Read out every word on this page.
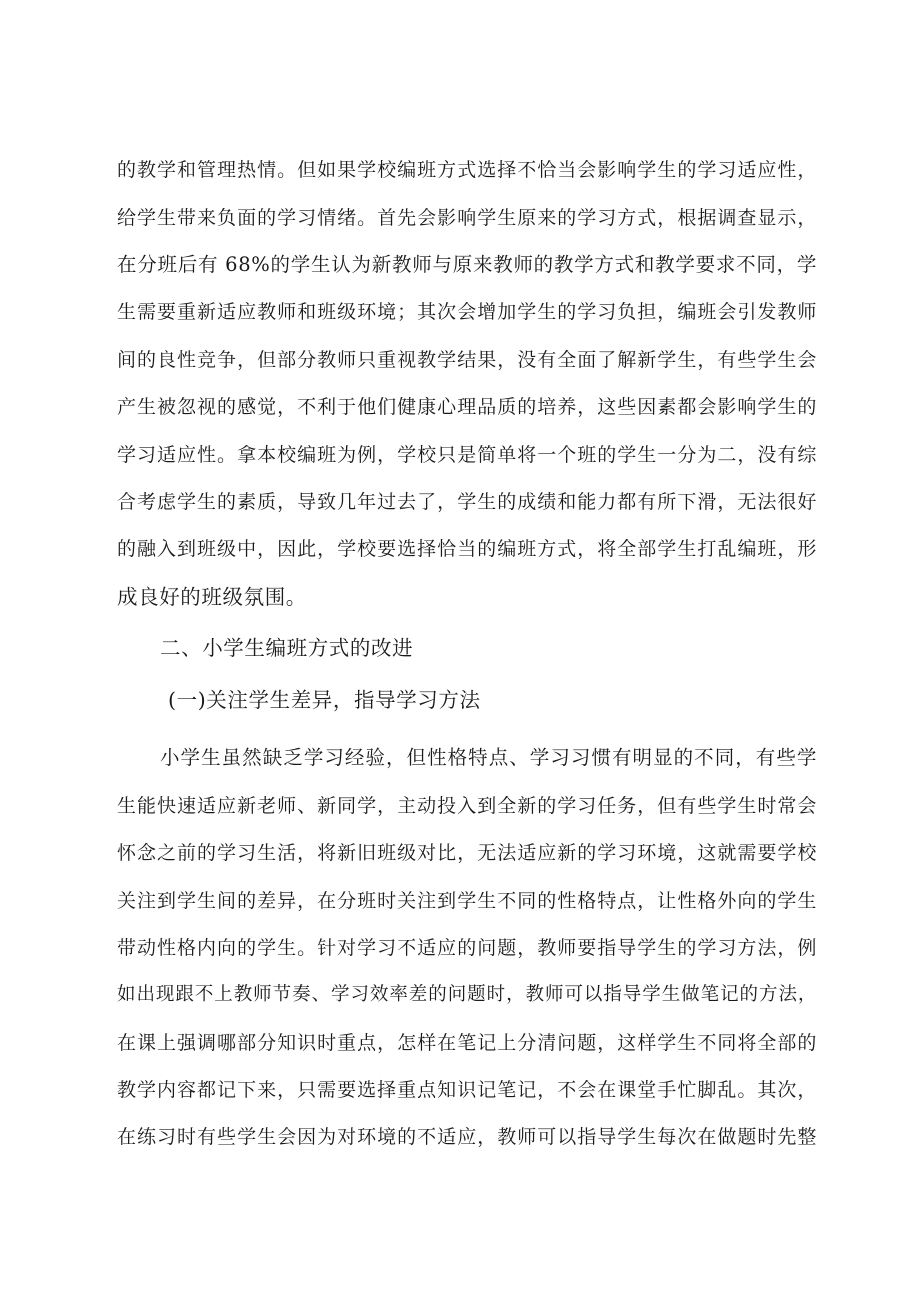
的教学和管理热情。但如果学校编班方式选择不恰当会影响学生的学习适应性，
给学生带来负面的学习情绪。首先会影响学生原来的学习方式，根据调查显示，
在分班后有 68%的学生认为新教师与原来教师的教学方式和教学要求不同，学
生需要重新适应教师和班级环境；其次会增加学生的学习负担，编班会引发教师
间的良性竞争，但部分教师只重视教学结果，没有全面了解新学生，有些学生会
产生被忽视的感觉，不利于他们健康心理品质的培养，这些因素都会影响学生的
学习适应性。拿本校编班为例，学校只是简单将一个班的学生一分为二，没有综
合考虑学生的素质，导致几年过去了，学生的成绩和能力都有所下滑，无法很好
的融入到班级中，因此，学校要选择恰当的编班方式，将全部学生打乱编班，形
成良好的班级氛围。
二、小学生编班方式的改进
(一)关注学生差异，指导学习方法
小学生虽然缺乏学习经验，但性格特点、学习习惯有明显的不同，有些学
生能快速适应新老师、新同学，主动投入到全新的学习任务，但有些学生时常会
怀念之前的学习生活，将新旧班级对比，无法适应新的学习环境，这就需要学校
关注到学生间的差异，在分班时关注到学生不同的性格特点，让性格外向的学生
带动性格内向的学生。针对学习不适应的问题，教师要指导学生的学习方法，例
如出现跟不上教师节奏、学习效率差的问题时，教师可以指导学生做笔记的方法，
在课上强调哪部分知识时重点，怎样在笔记上分清问题，这样学生不同将全部的
教学内容都记下来，只需要选择重点知识记笔记，不会在课堂手忙脚乱。其次，
在练习时有些学生会因为对环境的不适应，教师可以指导学生每次在做题时先整
